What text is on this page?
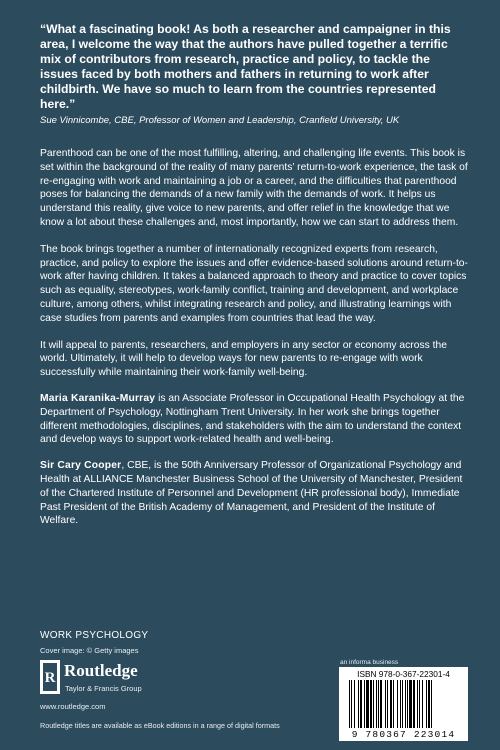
“What a fascinating book! As both a researcher and campaigner in this area, I welcome the way that the authors have pulled together a terrific mix of contributors from research, practice and policy, to tackle the issues faced by both mothers and fathers in returning to work after childbirth. We have so much to learn from the countries represented here.”

Sue Vinnicombe, CBE, Professor of Women and Leadership, Cranfield University, UK

Parenthood can be one of the most fulfilling, altering, and challenging life events. This book is set within the background of the reality of many parents’ return-to-work experience, the task of re-engaging with work and maintaining a job or a career, and the difficulties that parenthood poses for balancing the demands of a new family with the demands of work. It helps us understand this reality, give voice to new parents, and offer relief in the knowledge that we know a lot about these challenges and, most importantly, how we can start to address them.

The book brings together a number of internationally recognized experts from research, practice, and policy to explore the issues and offer evidence-based solutions around return-to-work after having children. It takes a balanced approach to theory and practice to cover topics such as equality, stereotypes, work-family conflict, training and development, and workplace culture, among others, whilst integrating research and policy, and illustrating learnings with case studies from parents and examples from countries that lead the way.

It will appeal to parents, researchers, and employers in any sector or economy across the world. Ultimately, it will help to develop ways for new parents to re-engage with work successfully while maintaining their work-family well-being.

Maria Karanika-Murray is an Associate Professor in Occupational Health Psychology at the Department of Psychology, Nottingham Trent University. In her work she brings together different methodologies, disciplines, and stakeholders with the aim to understand the context and develop ways to support work-related health and well-being.

Sir Cary Cooper, CBE, is the 50th Anniversary Professor of Organizational Psychology and Health at ALLIANCE Manchester Business School of the University of Manchester, President of the Chartered Institute of Personnel and Development (HR professional body), Immediate Past President of the British Academy of Management, and President of the Institute of Welfare.

WORK PSYCHOLOGY
Cover image: © Getty images
R Routledge
Taylor & Francis Group
www.routledge.com
Routledge titles are available as eBook editions in a range of digital formats
an informa business
ISBN 978-0-367-22301-4
9 780367 223014
